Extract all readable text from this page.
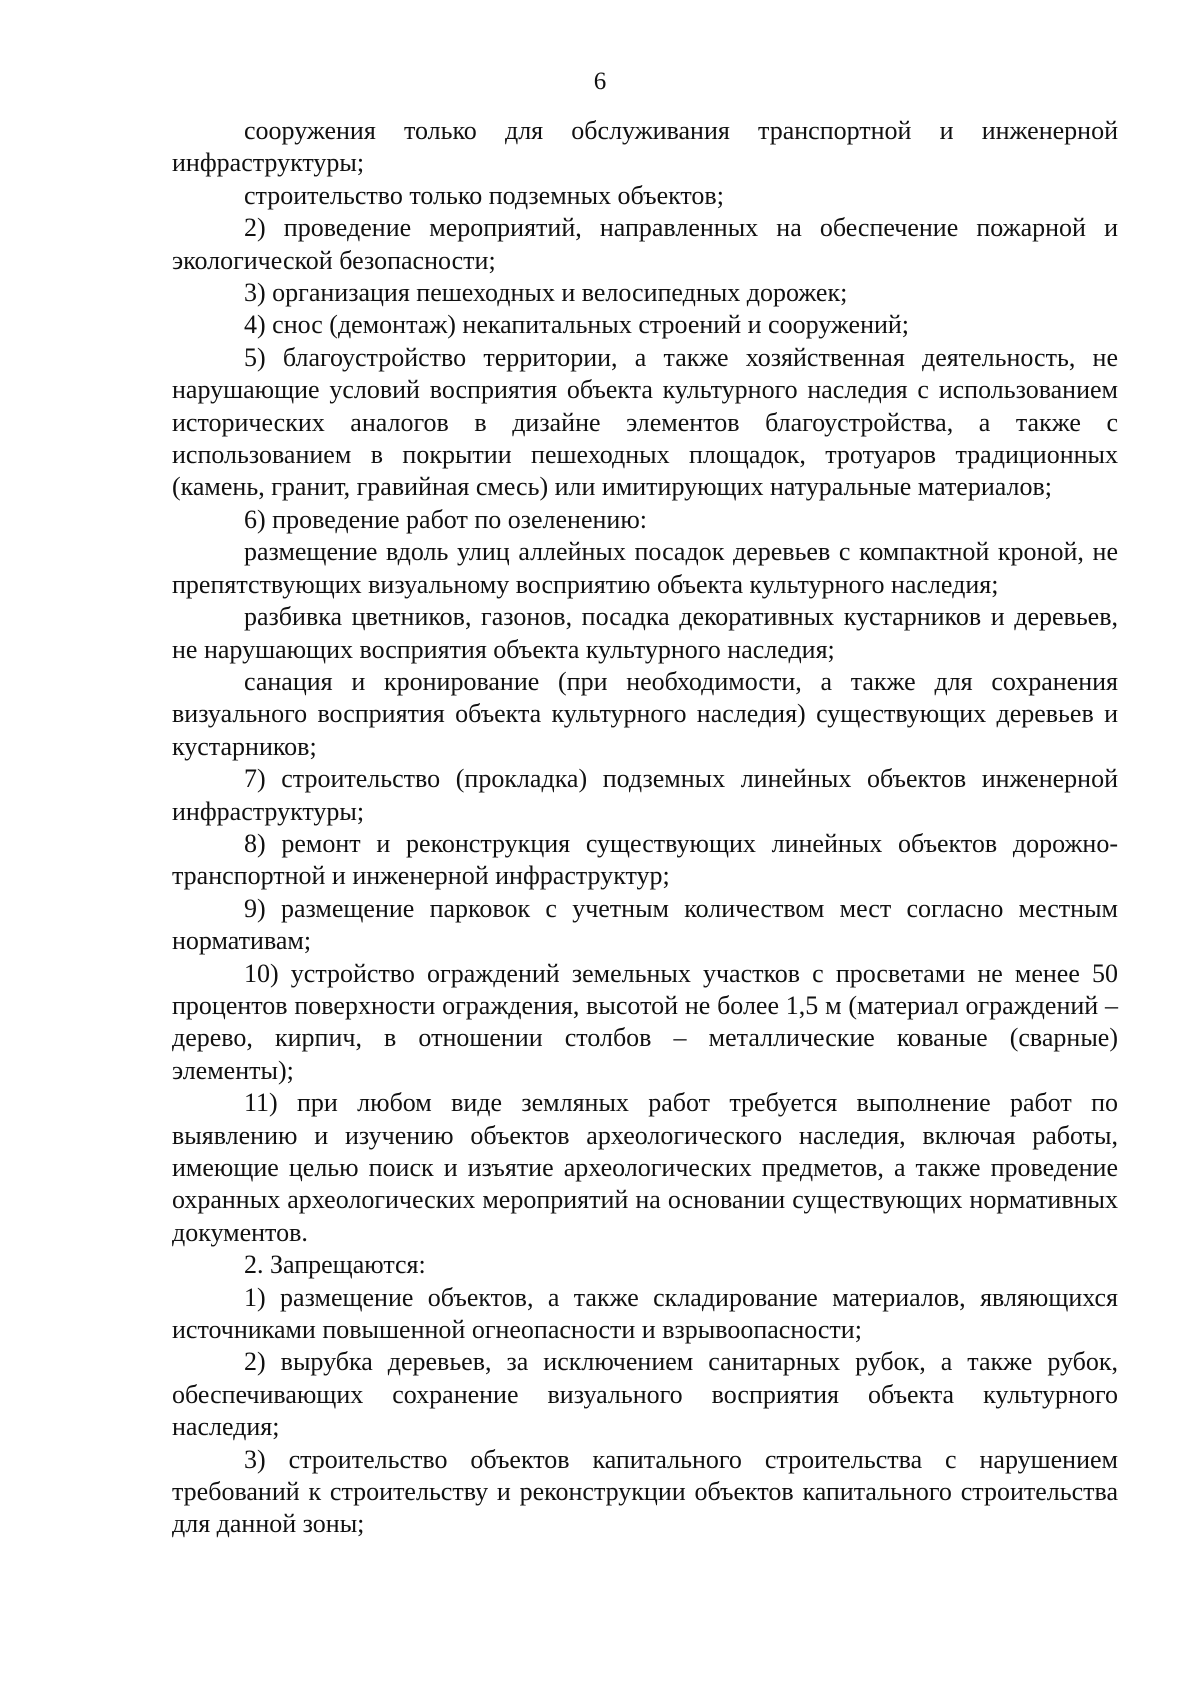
6

сооружения только для обслуживания транспортной и инженерной инфраструктуры;

строительство только подземных объектов;

2) проведение мероприятий, направленных на обеспечение пожарной и экологической безопасности;

3) организация пешеходных и велосипедных дорожек;

4) снос (демонтаж) некапитальных строений и сооружений;

5) благоустройство территории, а также хозяйственная деятельность, не нарушающие условий восприятия объекта культурного наследия с использованием исторических аналогов в дизайне элементов благоустройства, а также с использованием в покрытии пешеходных площадок, тротуаров традиционных (камень, гранит, гравийная смесь) или имитирующих натуральные материалов;

6) проведение работ по озеленению:

размещение вдоль улиц аллейных посадок деревьев с компактной кроной, не препятствующих визуальному восприятию объекта культурного наследия;

разбивка цветников, газонов, посадка декоративных кустарников и деревьев, не нарушающих восприятия объекта культурного наследия;

санация и кронирование (при необходимости, а также для сохранения визуального восприятия объекта культурного наследия) существующих деревьев и кустарников;

7) строительство (прокладка) подземных линейных объектов инженерной инфраструктуры;

8) ремонт и реконструкция существующих линейных объектов дорожно-транспортной и инженерной инфраструктур;

9) размещение парковок с учетным количеством мест согласно местным нормативам;

10) устройство ограждений земельных участков с просветами не менее 50 процентов поверхности ограждения, высотой не более 1,5 м (материал ограждений – дерево, кирпич, в отношении столбов – металлические кованые (сварные) элементы);

11) при любом виде земляных работ требуется выполнение работ по выявлению и изучению объектов археологического наследия, включая работы, имеющие целью поиск и изъятие археологических предметов, а также проведение охранных археологических мероприятий на основании существующих нормативных документов.

2. Запрещаются:

1) размещение объектов, а также складирование материалов, являющихся источниками повышенной огнеопасности и взрывоопасности;

2) вырубка деревьев, за исключением санитарных рубок, а также рубок, обеспечивающих сохранение визуального восприятия объекта культурного наследия;

3) строительство объектов капитального строительства с нарушением требований к строительству и реконструкции объектов капитального строительства для данной зоны;
